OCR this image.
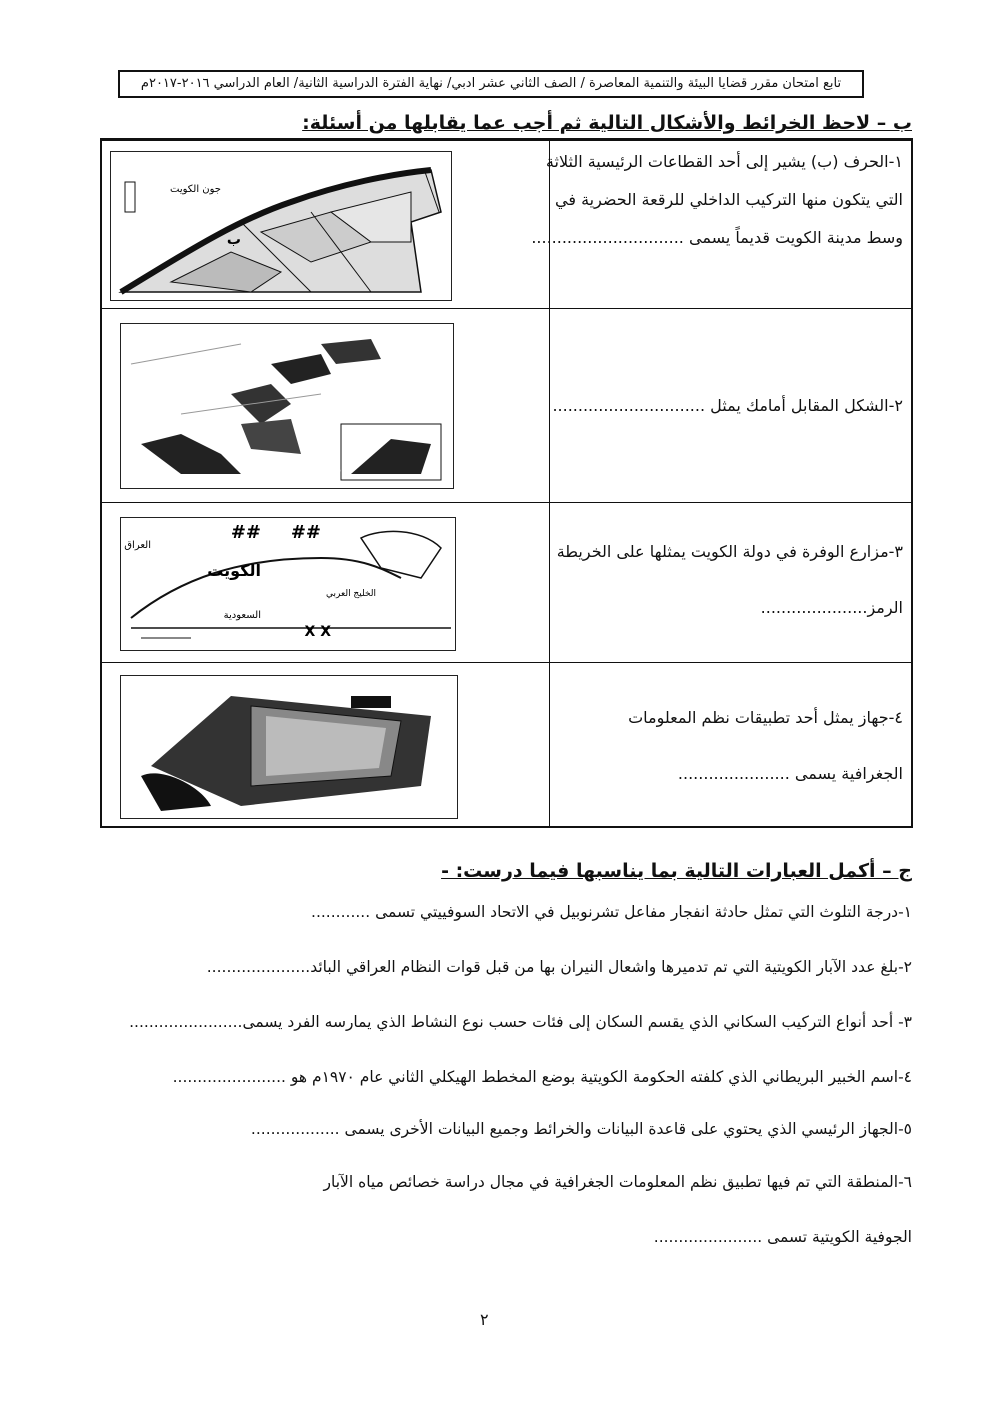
تابع امتحان مقرر قضايا البيئة والتنمية المعاصرة / الصف الثاني عشر ادبي/ نهاية الفترة الدراسية الثانية/ العام الدراسي ٢٠١٦-٢٠١٧م
ب – لاحظ الخرائط والأشكال التالية ثم أجب عما يقابلها من أسئلة:
١-الحرف (ب) يشير إلى أحد القطاعات الرئيسية الثلاثة
التي يتكون منها التركيب الداخلي للرقعة الحضرية في
وسط مدينة الكويت قديماً يسمى ..............................
ب
جون الكويت
٢-الشكل المقابل أمامك يمثل ..............................
2003
٣-مزارع الوفرة في دولة الكويت يمثلها على الخريطة
الرمز.....................
الكويت
العراق
السعودية
الخليج العربي
## ##
X X
٤-جهاز يمثل أحد تطبيقات نظم المعلومات
الجغرافية يسمى ......................
ج – أكمل العبارات التالية بما يناسبها فيما درست: -
١-درجة التلوث التي تمثل حادثة انفجار مفاعل تشرنوبيل في الاتحاد السوفييتي تسمى ............
٢-بلغ عدد الآبار الكويتية التي تم تدميرها واشعال النيران بها من قبل قوات النظام العراقي البائد.....................
٣- أحد أنواع التركيب السكاني الذي يقسم السكان إلى فئات حسب نوع النشاط الذي يمارسه الفرد يسمى.......................
٤-اسم الخبير البريطاني الذي كلفته الحكومة الكويتية بوضع المخطط الهيكلي الثاني عام ١٩٧٠م هو .......................
٥-الجهاز الرئيسي الذي يحتوي على قاعدة البيانات والخرائط وجميع البيانات الأخرى يسمى ..................
٦-المنطقة التي تم فيها تطبيق نظم المعلومات الجغرافية في مجال دراسة خصائص مياه الآبار
الجوفية الكويتية تسمى ......................
٢
